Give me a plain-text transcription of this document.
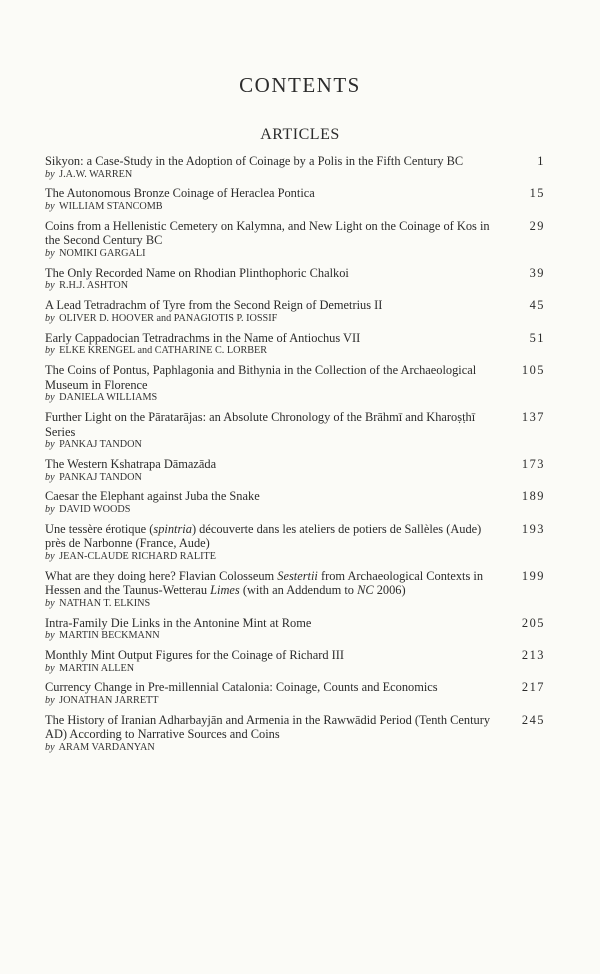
CONTENTS
ARTICLES
Sikyon: a Case-Study in the Adoption of Coinage by a Polis in the Fifth Century BC
by J.A.W. WARREN
1
The Autonomous Bronze Coinage of Heraclea Pontica
by WILLIAM STANCOMB
15
Coins from a Hellenistic Cemetery on Kalymna, and New Light on the Coinage of Kos in the Second Century BC
by NOMIKI GARGALI
29
The Only Recorded Name on Rhodian Plinthophoric Chalkoi
by R.H.J. ASHTON
39
A Lead Tetradrachm of Tyre from the Second Reign of Demetrius II
by OLIVER D. HOOVER and PANAGIOTIS P. IOSSIF
45
Early Cappadocian Tetradrachms in the Name of Antiochus VII
by ELKE KRENGEL and CATHARINE C. LORBER
51
The Coins of Pontus, Paphlagonia and Bithynia in the Collection of the Archaeological Museum in Florence
by DANIELA WILLIAMS
105
Further Light on the Pāratarājas: an Absolute Chronology of the Brāhmī and Kharoṣṭhī Series
by PANKAJ TANDON
137
The Western Kshatrapa Dāmazāda
by PANKAJ TANDON
173
Caesar the Elephant against Juba the Snake
by DAVID WOODS
189
Une tessère érotique (spintria) découverte dans les ateliers de potiers de Sallèles (Aude) près de Narbonne (France, Aude)
by JEAN-CLAUDE RICHARD RALITE
193
What are they doing here? Flavian Colosseum Sestertii from Archaeological Contexts in Hessen and the Taunus-Wetterau Limes (with an Addendum to NC 2006)
by NATHAN T. ELKINS
199
Intra-Family Die Links in the Antonine Mint at Rome
by MARTIN BECKMANN
205
Monthly Mint Output Figures for the Coinage of Richard III
by MARTIN ALLEN
213
Currency Change in Pre-millennial Catalonia: Coinage, Counts and Economics
by JONATHAN JARRETT
217
The History of Iranian Adharbayjān and Armenia in the Rawwādid Period (Tenth Century AD) According to Narrative Sources and Coins
by ARAM VARDANYAN
245
